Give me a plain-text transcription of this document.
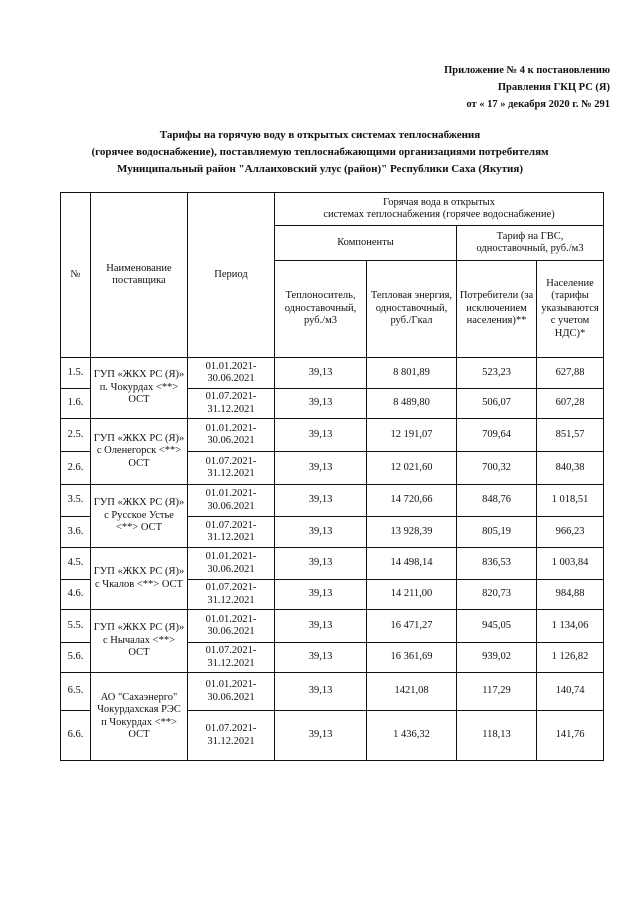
Приложение № 4 к постановлению
Правления ГКЦ РС (Я)
от « 17 » декабря 2020 г. № 291
Тарифы на горячую воду в открытых системах теплоснабжения
(горячее водоснабжение), поставляемую теплоснабжающими организациями потребителям
Муниципальный район "Аллаиховский улус (район)" Республики Саха (Якутия)
№	Наименование поставщика	Период	Горячая вода в открытых
системах теплоснабжения (горячее водоснабжение)			

			Компоненты		Тариф на ГВС,
одноставочный, руб./м3	

			Теплоноситель, одноставочный, руб./м3	Тепловая энергия, одноставочный, руб./Гкал	Потребители (за исключением населения)**	Население (тарифы указываются с учетом НДС)*
1.5.	ГУП «ЖКХ РС (Я)» п. Чокурдах <**> ОСТ	01.01.2021-30.06.2021	39,13	8 801,89	523,23	627,88
1.6.		01.07.2021-31.12.2021	39,13	8 489,80	506,07	607,28
2.5.	ГУП «ЖКХ РС (Я)» с Оленегорск <**> ОСТ	01.01.2021-30.06.2021	39,13	12 191,07	709,64	851,57
2.6.		01.07.2021-31.12.2021	39,13	12 021,60	700,32	840,38
3.5.	ГУП «ЖКХ РС (Я)» с Русское Устье <**> ОСТ	01.01.2021-30.06.2021	39,13	14 720,66	848,76	1 018,51
3.6.		01.07.2021-31.12.2021	39,13	13 928,39	805,19	966,23
4.5.	ГУП «ЖКХ РС (Я)» с Чкалов <**> ОСТ	01.01.2021-30.06.2021	39,13	14 498,14	836,53	1 003,84
4.6.		01.07.2021-31.12.2021	39,13	14 211,00	820,73	984,88
5.5.	ГУП «ЖКХ РС (Я)» с Нычалах <**> ОСТ	01.01.2021-30.06.2021	39,13	16 471,27	945,05	1 134,06
5.6.		01.07.2021-31.12.2021	39,13	16 361,69	939,02	1 126,82
6.5.	АО "Сахаэнерго" Чокурдахская РЭС п Чокурдах <**> ОСТ	01.01.2021-30.06.2021	39,13	1421,08	117,29	140,74
6.6.		01.07.2021-31.12.2021	39,13	1 436,32	118,13	141,76
